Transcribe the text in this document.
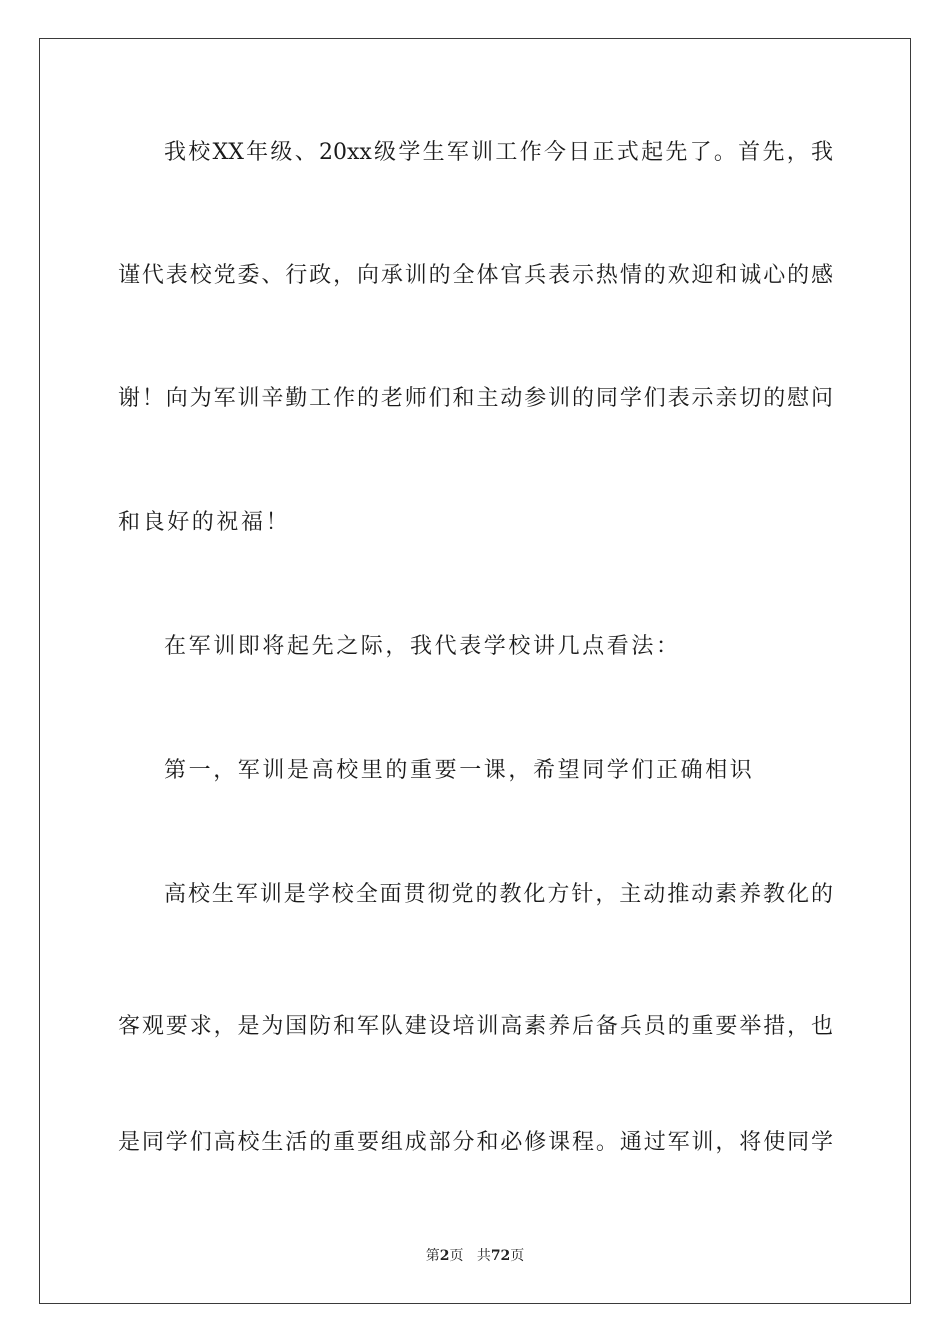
我校XX年级、20xx级学生军训工作今日正式起先了。首先，我
谨代表校党委、行政，向承训的全体官兵表示热情的欢迎和诚心的感
谢！向为军训辛勤工作的老师们和主动参训的同学们表示亲切的慰问
和良好的祝福！
在军训即将起先之际，我代表学校讲几点看法：
第一，军训是高校里的重要一课，希望同学们正确相识
高校生军训是学校全面贯彻党的教化方针，主动推动素养教化的
客观要求，是为国防和军队建设培训高素养后备兵员的重要举措，也
是同学们高校生活的重要组成部分和必修课程。通过军训，将使同学
第2页 共72页
